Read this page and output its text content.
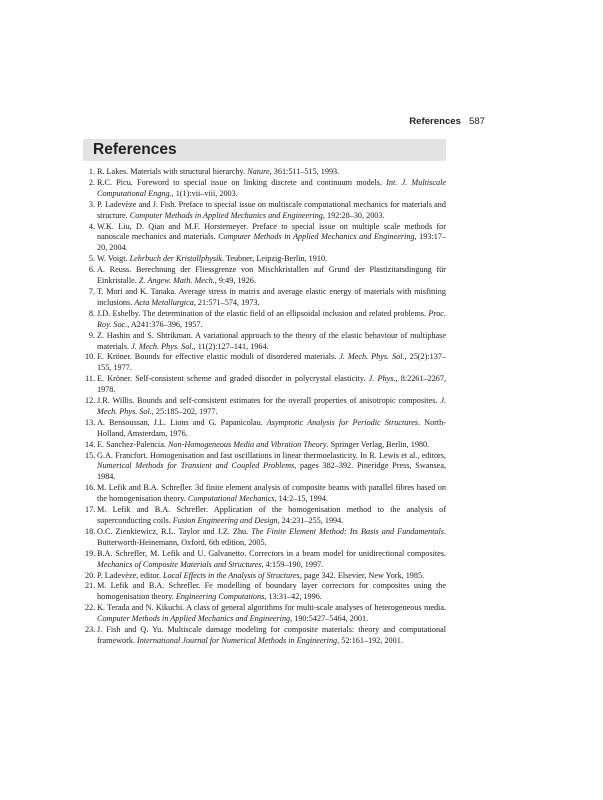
References 587
References
1. R. Lakes. Materials with structural hierarchy. Nature, 361:511–515, 1993.
2. R.C. Picu. Foreword to special issue on linking discrete and continuum models. Int. J. Multiscale Computational Engng., 1(1):vii–viii, 2003.
3. P. Ladevèze and J. Fish. Preface to special issue on multiscale computational mechanics for materials and structure. Computer Methods in Applied Mechanics and Engineering, 192:28–30, 2003.
4. W.K. Liu, D. Qian and M.F. Horstemeyer. Preface to special issue on multiple scale methods for nanoscale mechanics and materials. Computer Methods in Applied Mechanics and Engineering, 193:17–20, 2004.
5. W. Voigt. Lehrbuch der Kristallphysik. Teubner, Leipzig-Berlin, 1910.
6. A. Reuss. Berechnung der Fliessgrenze von Mischkristallen auf Grund der Plastizitatsdingung für Einkristalle. Z. Angew. Math. Mech., 9:49, 1926.
7. T. Mori and K. Tanaka. Average stress in matrix and average elastic energy of materials with misfitting inclusions. Acta Metallurgica, 21:571–574, 1973.
8. J.D. Eshelby. The determination of the elastic field of an ellipsoidal inclusion and related problems. Proc. Roy. Soc., A241:376–396, 1957.
9. Z. Hashin and S. Shtrikman. A variational approach to the theory of the elastic behaviour of multiphase materials. J. Mech. Phys. Sol., 11(2):127–141, 1964.
10. E. Kröner. Bounds for effective elastic moduli of disordered materials. J. Mech. Phys. Sol., 25(2):137–155, 1977.
11. E. Kröner. Self-consistent scheme and graded disorder in polycrystal elasticity. J. Phys., 8:2261–2267, 1978.
12. J.R. Willis. Bounds and self-consistent estimates for the overall properties of anisotropic composites. J. Mech. Phys. Sol., 25:185–202, 1977.
13. A. Bensoussan, J.L. Lions and G. Papanicolau. Asymptotic Analysis for Periodic Structures. North-Holland, Amsterdam, 1976.
14. E. Sanchez-Palencia. Non-Homogeneous Media and Vibration Theory. Springer Verlag, Berlin, 1980.
15. G.A. Francfort. Homogenisation and fast oscillations in linear thermoelasticity. In R. Lewis et al., editors, Numerical Methods for Transient and Coupled Problems, pages 382–392. Pineridge Press, Swansea, 1984.
16. M. Lefik and B.A. Schrefler. 3d finite element analysis of composite beams with parallel fibres based on the homogenisation theory. Computational Mechanics, 14:2–15, 1994.
17. M. Lefik and B.A. Schrefler. Application of the homogenisation method to the analysis of superconducting coils. Fusion Engineering and Design, 24:231–255, 1994.
18. O.C. Zienkiewicz, R.L. Taylor and J.Z. Zhu. The Finite Element Method: Its Basis and Fundamentals. Butterworth-Heinemann, Oxford, 6th edition, 2005.
19. B.A. Schrefler, M. Lefik and U. Galvanetto. Correctors in a beam model for unidirectional composites. Mechanics of Composite Materials and Structures, 4:159–190, 1997.
20. P. Ladevèze, editor. Local Effects in the Analysis of Structures, page 342. Elsevier, New York, 1985.
21. M. Lefik and B.A. Schrefler. Fe modelling of boundary layer correctors for composites using the homogenisation theory. Engineering Computations, 13:31–42, 1996.
22. K. Terada and N. Kikuchi. A class of general algorithms for multi-scale analyses of heterogeneous media. Computer Methods in Applied Mechanics and Engineering, 190:5427–5464, 2001.
23. J. Fish and Q. Yu. Multiscale damage modeling for composite materials: theory and computational framework. International Journal for Numerical Methods in Engineering, 52:161–192, 2001.
